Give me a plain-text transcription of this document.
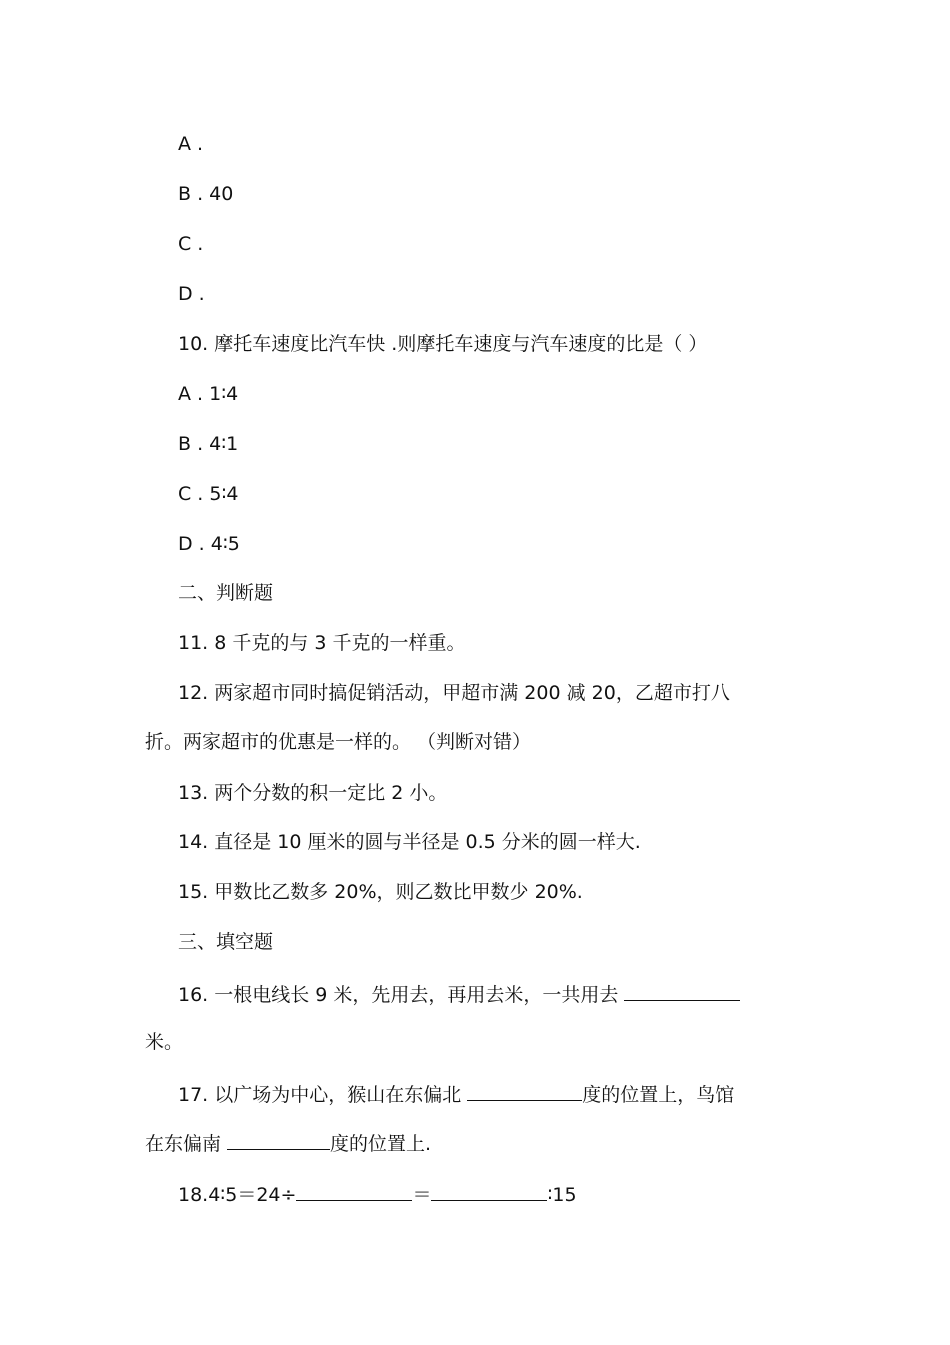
A .
B . 40
C .
D .
10. 摩托车速度比汽车快 .则摩托车速度与汽车速度的比是（ ）
A . 1∶4
B . 4∶1
C . 5∶4
D . 4∶5
二、判断题
11. 8 千克的与 3 千克的一样重。
12. 两家超市同时搞促销活动，甲超市满 200 减 20，乙超市打八
折。两家超市的优惠是一样的。 （判断对错）
13. 两个分数的积一定比 2 小。
14. 直径是 10 厘米的圆与半径是 0.5 分米的圆一样大.
15. 甲数比乙数多 20%，则乙数比甲数少 20%.
三、填空题
16. 一根电线长 9 米，先用去，再用去米，一共用去
米。
17. 以广场为中心，猴山在东偏北	度的位置上，鸟馆
在东偏南	度的位置上.
18.4∶5＝24÷	＝	∶15
